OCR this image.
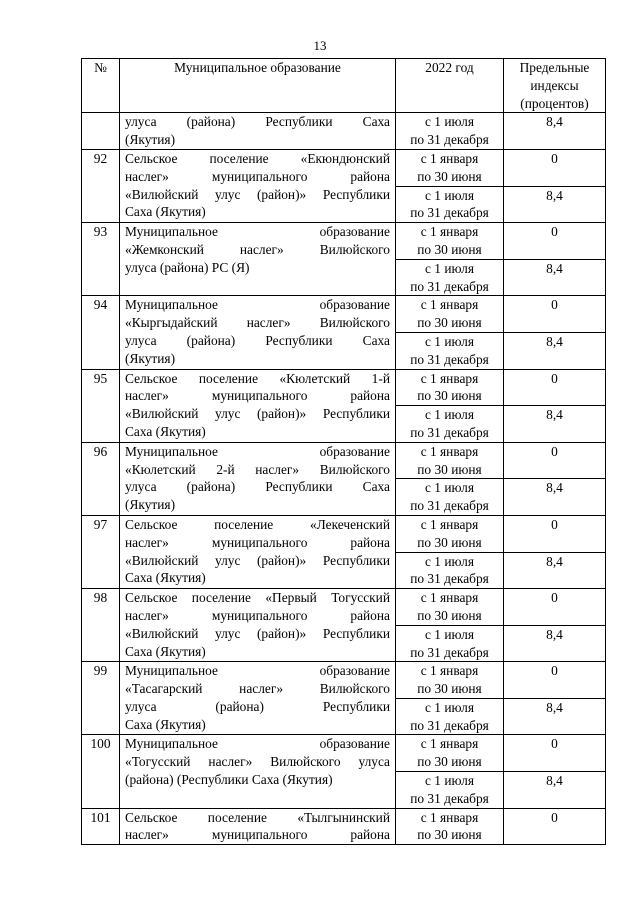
13
№	Муниципальное образование	2022 год	Предельные
индексы
(процентов)

	улуса (района) Республики Саха
(Якутия)	с 1 июля
по 31 декабря	8,4
92	Сельское поселение «Екюндюнский
наслег» муниципального района
«Вилюйский улус (район)» Республики
Саха (Якутия)	с 1 января
по 30 июня	0

		с 1 июля
по 31 декабря	8,4
93	Муниципальное образование
«Жемконский наслег» Вилюйского
улуса (района) РС (Я)	с 1 января
по 30 июня	0

		с 1 июля
по 31 декабря	8,4
94	Муниципальное образование
«Кыргыдайский наслег» Вилюйского
улуса (района) Республики Саха
(Якутия)	с 1 января
по 30 июня	0

		с 1 июля
по 31 декабря	8,4
95	Сельское поселение «Кюлетский 1-й
наслег» муниципального района
«Вилюйский улус (район)» Республики
Саха (Якутия)	с 1 января
по 30 июня	0

		с 1 июля
по 31 декабря	8,4
96	Муниципальное образование
«Кюлетский 2-й наслег» Вилюйского
улуса (района) Республики Саха
(Якутия)	с 1 января
по 30 июня	0

		с 1 июля
по 31 декабря	8,4
97	Сельское поселение «Лекеченский
наслег» муниципального района
«Вилюйский улус (район)» Республики
Саха (Якутия)	с 1 января
по 30 июня	0

		с 1 июля
по 31 декабря	8,4
98	Сельское поселение «Первый Тогусский
наслег» муниципального района
«Вилюйский улус (район)» Республики
Саха (Якутия)	с 1 января
по 30 июня	0

		с 1 июля
по 31 декабря	8,4
99	Муниципальное образование
«Тасагарский наслег» Вилюйского
улуса (района) Республики
Саха (Якутия)	с 1 января
по 30 июня	0

		с 1 июля
по 31 декабря	8,4
100	Муниципальное образование
«Тогусский наслег» Вилюйского улуса
(района) (Республики Саха (Якутия)	с 1 января
по 30 июня	0

		с 1 июля
по 31 декабря	8,4
101	Сельское поселение «Тылгынинский
наслег» муниципального района	с 1 января
по 30 июня	0
